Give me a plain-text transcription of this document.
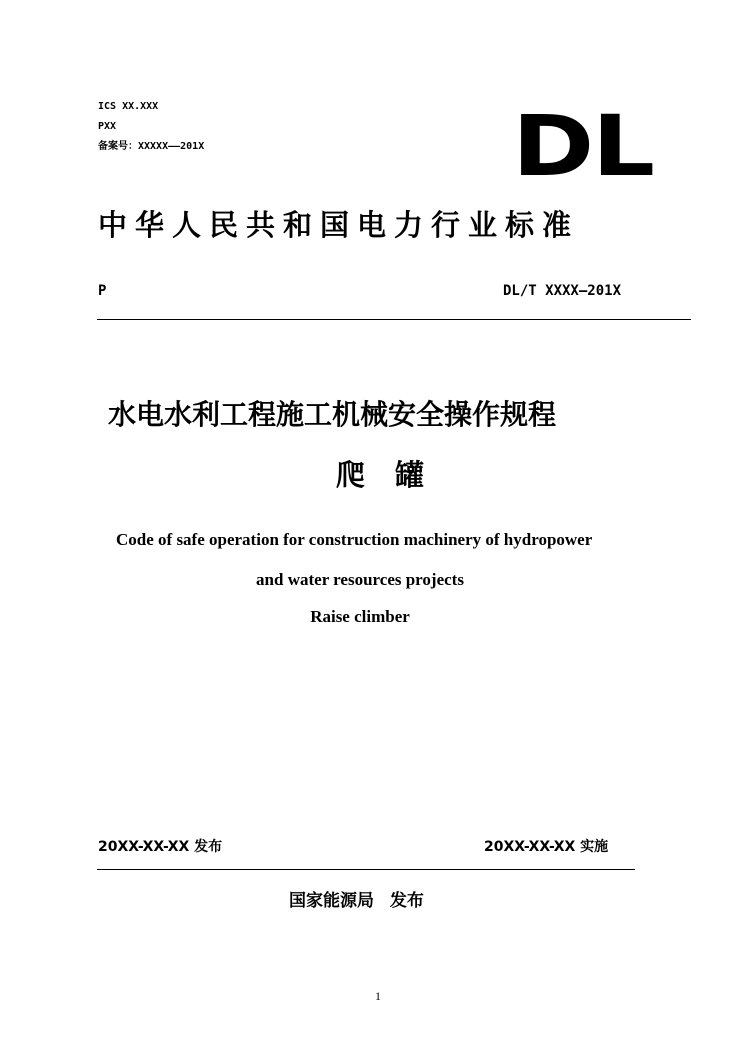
ICS XX.XXX
PXX
备案号：XXXXX——201X	DL
中华人民共和国电力行业标准
P	DL/T XXXX—201X
水电水利工程施工机械安全操作规程
爬 罐
Code of safe operation for construction machinery of hydropower
and water resources projects
Raise climber
20XX-XX-XX 发布	20XX-XX-XX 实施
国家能源局 发布
1
